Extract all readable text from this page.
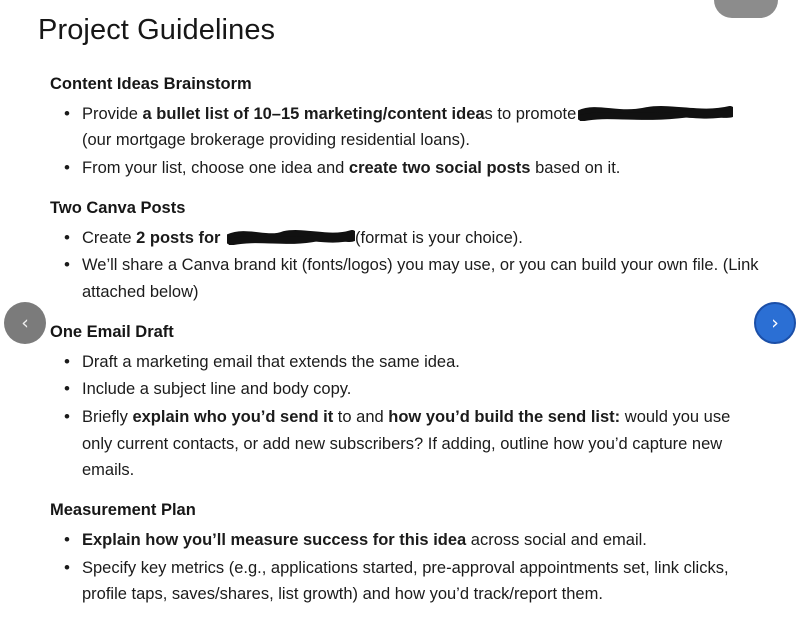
Project Guidelines
Content Ideas Brainstorm
• Provide a bullet list of 10–15 marketing/content ideas to promote
(our mortgage brokerage providing residential loans).
• From your list, choose one idea and create two social posts based on it.
Two Canva Posts
• Create 2 posts for	(format is your choice).
• We’ll share a Canva brand kit (fonts/logos) you may use, or you can build your own file. (Link attached below)
One Email Draft
• Draft a marketing email that extends the same idea.
• Include a subject line and body copy.
• Briefly explain who you’d send it to and how you’d build the send list: would you use only current contacts, or add new subscribers? If adding, outline how you’d capture new emails.
Measurement Plan
• Explain how you’ll measure success for this idea across social and email.
• Specify key metrics (e.g., applications started, pre-approval appointments set, link clicks, profile taps, saves/shares, list growth) and how you’d track/report them.
‹	›
